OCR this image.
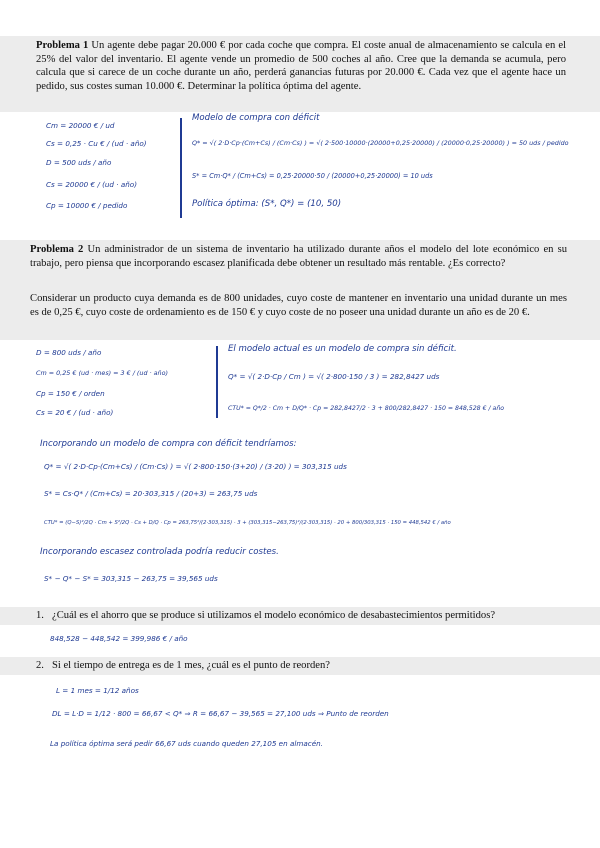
Problema 1 Un agente debe pagar 20.000 € por cada coche que compra. El coste anual de almacenamiento se calcula en el 25% del valor del inventario. El agente vende un promedio de 500 coches al año. Cree que la demanda se acumula, pero calcula que si carece de un coche durante un año, perderá ganancias futuras por 20.000 €. Cada vez que el agente hace un pedido, sus costes suman 10.000 €. Determinar la política óptima del agente.
Cm = 20000 € / ud
Cs = 0,25 · Cu € / (ud · año)
D = 500 uds / año
Cs = 20000 € / (ud · año)
Cp = 10000 € / pedido
Modelo de compra con déficit
Q* = √( 2·D·Cp·(Cm+Cs) / (Cm·Cs) ) = √( 2·500·10000·(20000+0,25·20000) / (20000·0,25·20000) ) = 50 uds / pedido
S* = Cm·Q* / (Cm+Cs) = 0,25·20000·50 / (20000+0,25·20000) = 10 uds
Política óptima: (S*, Q*) = (10, 50)
Problema 2 Un administrador de un sistema de inventario ha utilizado durante años el modelo del lote económico en su trabajo, pero piensa que incorporando escasez planificada debe obtener un resultado más rentable. ¿Es correcto?
Considerar un producto cuya demanda es de 800 unidades, cuyo coste de mantener en inventario una unidad durante un mes es de 0,25 €, cuyo coste de ordenamiento es de 150 € y cuyo coste de no poseer una unidad durante un año es de 20 €.
D = 800 uds / año
Cm = 0,25 € (ud · mes) = 3 € / (ud · año)
Cp = 150 € / orden
Cs = 20 € / (ud · año)
El modelo actual es un modelo de compra sin déficit.
Q* = √( 2·D·Cp / Cm ) = √( 2·800·150 / 3 ) = 282,8427 uds
CTU* = Q*/2 · Cm + D/Q* · Cp = 282,8427/2 · 3 + 800/282,8427 · 150 = 848,528 € / año
Incorporando un modelo de compra con déficit tendríamos:
Q* = √( 2·D·Cp·(Cm+Cs) / (Cm·Cs) ) = √( 2·800·150·(3+20) / (3·20) ) = 303,315 uds
S* = Cs·Q* / (Cm+Cs) = 20·303,315 / (20+3) = 263,75 uds
CTU* = (Q−S)²/2Q · Cm + S²/2Q · Cs + D/Q · Cp = 263,75²/(2·303,315) · 3 + (303,315−263,75)²/(2·303,315) · 20 + 800/303,315 · 150 = 448,542 € / año
Incorporando escasez controlada podría reducir costes.
S* − Q* − S* = 303,315 − 263,75 = 39,565 uds
1. ¿Cuál es el ahorro que se produce si utilizamos el modelo económico de desabastecimientos permitidos?
848,528 − 448,542 = 399,986 € / año
2. Si el tiempo de entrega es de 1 mes, ¿cuál es el punto de reorden?
L = 1 mes = 1/12 años
DL = L·D = 1/12 · 800 = 66,67 < Q* ⇒ R = 66,67 − 39,565 = 27,100 uds ⇒ Punto de reorden
La política óptima será pedir 66,67 uds cuando queden 27,105 en almacén.
